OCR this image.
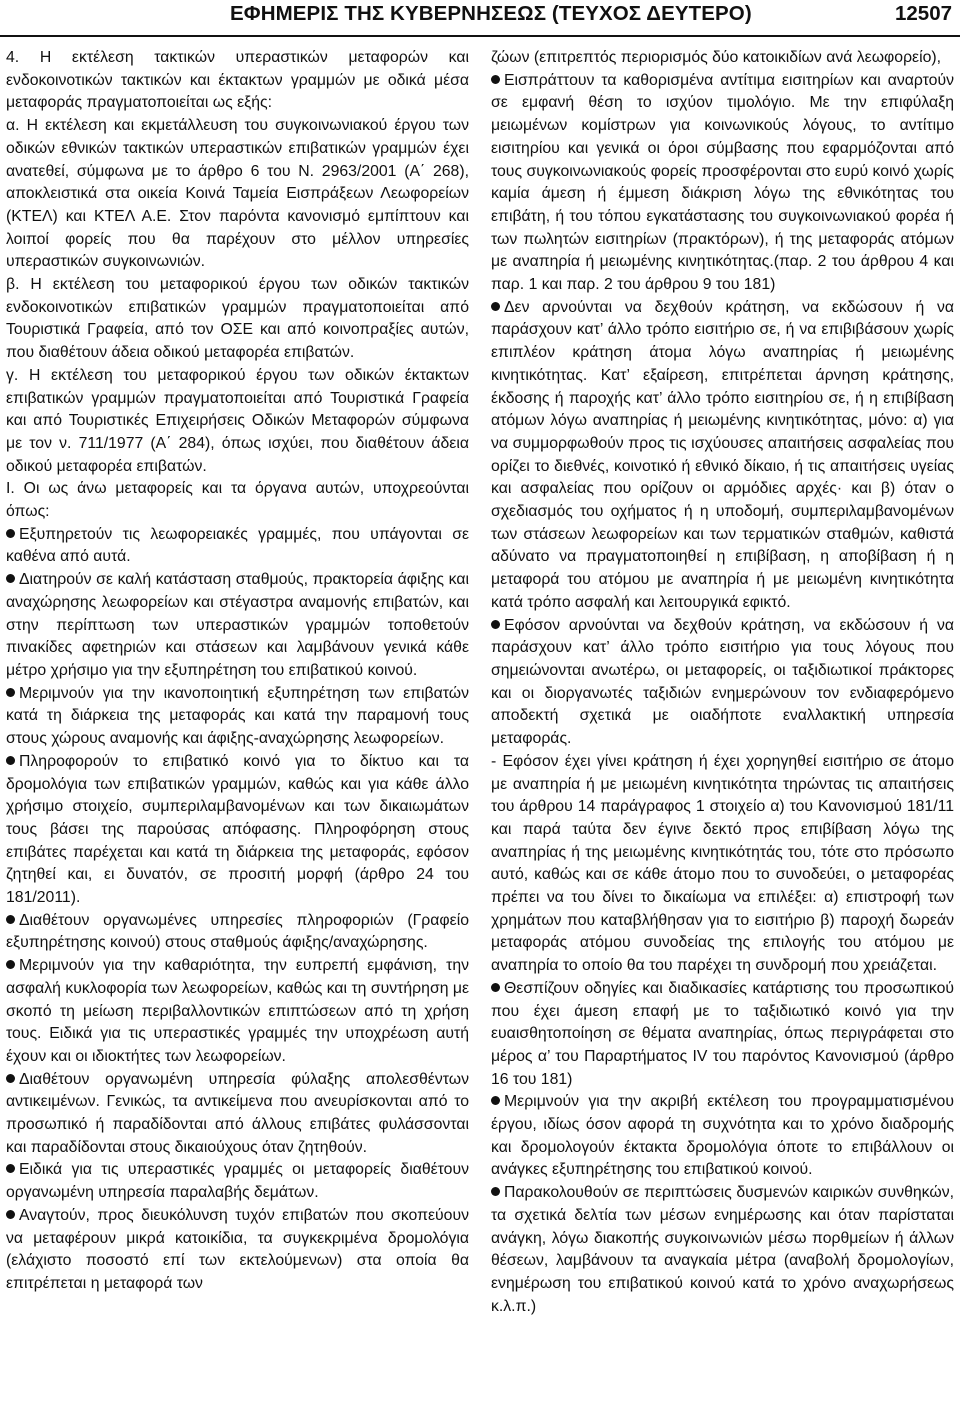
ΕΦΗΜΕΡΙΣ ΤΗΣ ΚΥΒΕΡΝΗΣΕΩΣ (ΤΕΥΧΟΣ ΔΕΥΤΕΡΟ)	12507

4. Η εκτέλεση τακτικών υπεραστικών μεταφορών και ενδοκοινοτικών τακτικών και έκτακτων γραμμών με οδικά μέσα μεταφοράς πραγματοποιείται ως εξής:

α. Η εκτέλεση και εκμετάλλευση του συγκοινωνιακού έργου των οδικών εθνικών τακτικών υπεραστικών επιβατικών γραμμών έχει ανατεθεί, σύμφωνα με το άρθρο 6 του Ν. 2963/2001 (Α΄ 268), αποκλειστικά στα οικεία Κοινά Ταμεία Εισπράξεων Λεωφορείων (ΚΤΕΛ) και ΚΤΕΛ Α.Ε. Στον παρόντα κανονισμό εμπίπτουν και λοιποί φορείς που θα παρέχουν στο μέλλον υπηρεσίες υπεραστικών συγκοινωνιών.

β. Η εκτέλεση του μεταφορικού έργου των οδικών τακτικών ενδοκοινοτικών επιβατικών γραμμών πραγματοποιείται από Τουριστικά Γραφεία, από τον ΟΣΕ και από κοινοπραξίες αυτών, που διαθέτουν άδεια οδικού μεταφορέα επιβατών.

γ. Η εκτέλεση του μεταφορικού έργου των οδικών έκτακτων επιβατικών γραμμών πραγματοποιείται από Τουριστικά Γραφεία και από Τουριστικές Επιχειρήσεις Οδικών Μεταφορών σύμφωνα με τον ν. 711/1977 (Α΄ 284), όπως ισχύει, που διαθέτουν άδεια οδικού μεταφορέα επιβατών.

Ι. Οι ως άνω μεταφορείς και τα όργανα αυτών, υποχρεούνται όπως:

Εξυπηρετούν τις λεωφορειακές γραμμές, που υπάγονται σε καθένα από αυτά.

Διατηρούν σε καλή κατάσταση σταθμούς, πρακτορεία άφιξης και αναχώρησης λεωφορείων και στέγαστρα αναμονής επιβατών, και στην περίπτωση των υπεραστικών γραμμών τοποθετούν πινακίδες αφετηριών και στάσεων και λαμβάνουν γενικά κάθε μέτρο χρήσιμο για την εξυπηρέτηση του επιβατικού κοινού.

Μεριμνούν για την ικανοποιητική εξυπηρέτηση των επιβατών κατά τη διάρκεια της μεταφοράς και κατά την παραμονή τους στους χώρους αναμονής και άφιξης-αναχώρησης λεωφορείων.

Πληροφορούν το επιβατικό κοινό για το δίκτυο και τα δρομολόγια των επιβατικών γραμμών, καθώς και για κάθε άλλο χρήσιμο στοιχείο, συμπεριλαμβανομένων και των δικαιωμάτων τους βάσει της παρούσας απόφασης. Πληροφόρηση στους επιβάτες παρέχεται και κατά τη διάρκεια της μεταφοράς, εφόσον ζητηθεί και, ει δυνατόν, σε προσιτή μορφή (άρθρο 24 του 181/2011).

Διαθέτουν οργανωμένες υπηρεσίες πληροφοριών (Γραφείο εξυπηρέτησης κοινού) στους σταθμούς άφιξης/αναχώρησης.

Μεριμνούν για την καθαριότητα, την ευπρεπή εμφάνιση, την ασφαλή κυκλοφορία των λεωφορείων, καθώς και τη συντήρηση με σκοπό τη μείωση περιβαλλοντικών επιπτώσεων από τη χρήση τους. Ειδικά για τις υπεραστικές γραμμές την υποχρέωση αυτή έχουν και οι ιδιοκτήτες των λεωφορείων.

Διαθέτουν οργανωμένη υπηρεσία φύλαξης απολεσθέντων αντικειμένων. Γενικώς, τα αντικείμενα που ανευρίσκονται από το προσωπικό ή παραδίδονται από άλλους επιβάτες φυλάσσονται και παραδίδονται στους δικαιούχους όταν ζητηθούν.

Ειδικά για τις υπεραστικές γραμμές οι μεταφορείς διαθέτουν οργανωμένη υπηρεσία παραλαβής δεμάτων.

Αναγτούν, προς διευκόλυνση τυχόν επιβατών που σκοπεύουν να μεταφέρουν μικρά κατοικίδια, τα συγκεκριμένα δρομολόγια (ελάχιστο ποσοστό επί των εκτελούμενων) στα οποία θα επιτρέπεται η μεταφορά των

ζώων (επιτρεπτός περιορισμός δύο κατοικιδίων ανά λεωφορείο),

Εισπράττουν τα καθορισμένα αντίτιμα εισιτηρίων και αναρτούν σε εμφανή θέση το ισχύον τιμολόγιο. Με την επιφύλαξη μειωμένων κομίστρων για κοινωνικούς λόγους, το αντίτιμο εισιτηρίου και γενικά οι όροι σύμβασης που εφαρμόζονται από τους συγκοινωνιακούς φορείς προσφέρονται στο ευρύ κοινό χωρίς καμία άμεση ή έμμεση διάκριση λόγω της εθνικότητας του επιβάτη, ή του τόπου εγκατάστασης του συγκοινωνιακού φορέα ή των πωλητών εισιτηρίων (πρακτόρων), ή της μεταφοράς ατόμων με αναπηρία ή μειωμένης κινητικότητας.(παρ. 2 του άρθρου 4 και παρ. 1 και παρ. 2 του άρθρου 9 του 181)

Δεν αρνούνται να δεχθούν κράτηση, να εκδώσουν ή να παράσχουν κατ’ άλλο τρόπο εισιτήριο σε, ή να επιβιβάσουν χωρίς επιπλέον κράτηση άτομα λόγω αναπηρίας ή μειωμένης κινητικότητας. Κατ’ εξαίρεση, επιτρέπεται άρνηση κράτησης, έκδοσης ή παροχής κατ’ άλλο τρόπο εισιτηρίου σε, ή η επιβίβαση ατόμων λόγω αναπηρίας ή μειωμένης κινητικότητας, μόνο: α) για να συμμορφωθούν προς τις ισχύουσες απαιτήσεις ασφαλείας που ορίζει το διεθνές, κοινοτικό ή εθνικό δίκαιο, ή τις απαιτήσεις υγείας και ασφαλείας που ορίζουν οι αρμόδιες αρχές· και β) όταν ο σχεδιασμός του οχήματος ή η υποδομή, συμπεριλαμβανομένων των στάσεων λεωφορείων και των τερματικών σταθμών, καθιστά αδύνατο να πραγματοποιηθεί η επιβίβαση, η αποβίβαση ή η μεταφορά του ατόμου με αναπηρία ή με μειωμένη κινητικότητα κατά τρόπο ασφαλή και λειτουργικά εφικτό.

Εφόσον αρνούνται να δεχθούν κράτηση, να εκδώσουν ή να παράσχουν κατ’ άλλο τρόπο εισιτήριο για τους λόγους που σημειώνονται ανωτέρω, οι μεταφορείς, οι ταξιδιωτικοί πράκτορες και οι διοργανωτές ταξιδιών ενημερώνουν τον ενδιαφερόμενο αποδεκτή σχετικά με οιαδήποτε εναλλακτική υπηρεσία μεταφοράς.

- Εφόσον έχει γίνει κράτηση ή έχει χορηγηθεί εισιτήριο σε άτομο με αναπηρία ή με μειωμένη κινητικότητα τηρώντας τις απαιτήσεις του άρθρου 14 παράγραφος 1 στοιχείο α) του Κανονισμού 181/11 και παρά ταύτα δεν έγινε δεκτό προς επιβίβαση λόγω της αναπηρίας ή της μειωμένης κινητικότητάς του, τότε στο πρόσωπο αυτό, καθώς και σε κάθε άτομο που το συνοδεύει, ο μεταφορέας πρέπει να του δίνει το δικαίωμα να επιλέξει: α) επιστροφή των χρημάτων που καταβλήθησαν για το εισιτήριο β) παροχή δωρεάν μεταφοράς ατόμου συνοδείας της επιλογής του ατόμου με αναπηρία το οποίο θα του παρέχει τη συνδρομή που χρειάζεται.

Θεσπίζουν οδηγίες και διαδικασίες κατάρτισης του προσωπικού που έχει άμεση επαφή με το ταξιδιωτικό κοινό για την ευαισθητοποίηση σε θέματα αναπηρίας, όπως περιγράφεται στο μέρος α’ του Παραρτήματος IV του παρόντος Κανονισμού (άρθρο 16 του 181)

Μεριμνούν για την ακριβή εκτέλεση του προγραμματισμένου έργου, ιδίως όσον αφορά τη συχνότητα και το χρόνο διαδρομής και δρομολογούν έκτακτα δρομολόγια όποτε το επιβάλλουν οι ανάγκες εξυπηρέτησης του επιβατικού κοινού.

Παρακολουθούν σε περιπτώσεις δυσμενών καιρικών συνθηκών, τα σχετικά δελτία των μέσων ενημέρωσης και όταν παρίσταται ανάγκη, λόγω διακοπής συγκοινωνιών μέσω πορθμείων ή άλλων θέσεων, λαμβάνουν τα αναγκαία μέτρα (αναβολή δρομολογίων, ενημέρωση του επιβατικού κοινού κατά το χρόνο αναχωρήσεως κ.λ.π.)
